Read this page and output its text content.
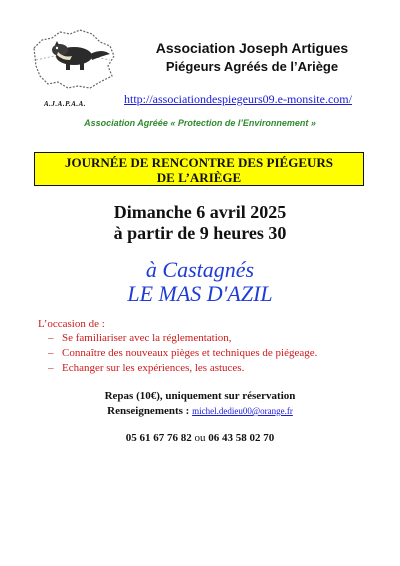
Association Joseph Artigues
Piégeurs Agréés de l’Ariège
A.J.A.P.A.A.	http://associationdespiegeurs09.e-monsite.com/
Association Agréée « Protection de l’Environnement »
JOURNÉE DE RENCONTRE DES PIÉGEURS
DE L’ARIÈGE
Dimanche 6 avril 2025
à partir de 9 heures 30
à Castagnés
LE MAS D'AZIL
L’occasion de :
– Se familiariser avec la réglementation,
– Connaître des nouveaux pièges et techniques de piégeage.
– Echanger sur les expériences, les astuces.
Repas (10€), uniquement sur réservation
Renseignements : michel.dedieu00@orange.fr
05 61 67 76 82 ou 06 43 58 02 70
